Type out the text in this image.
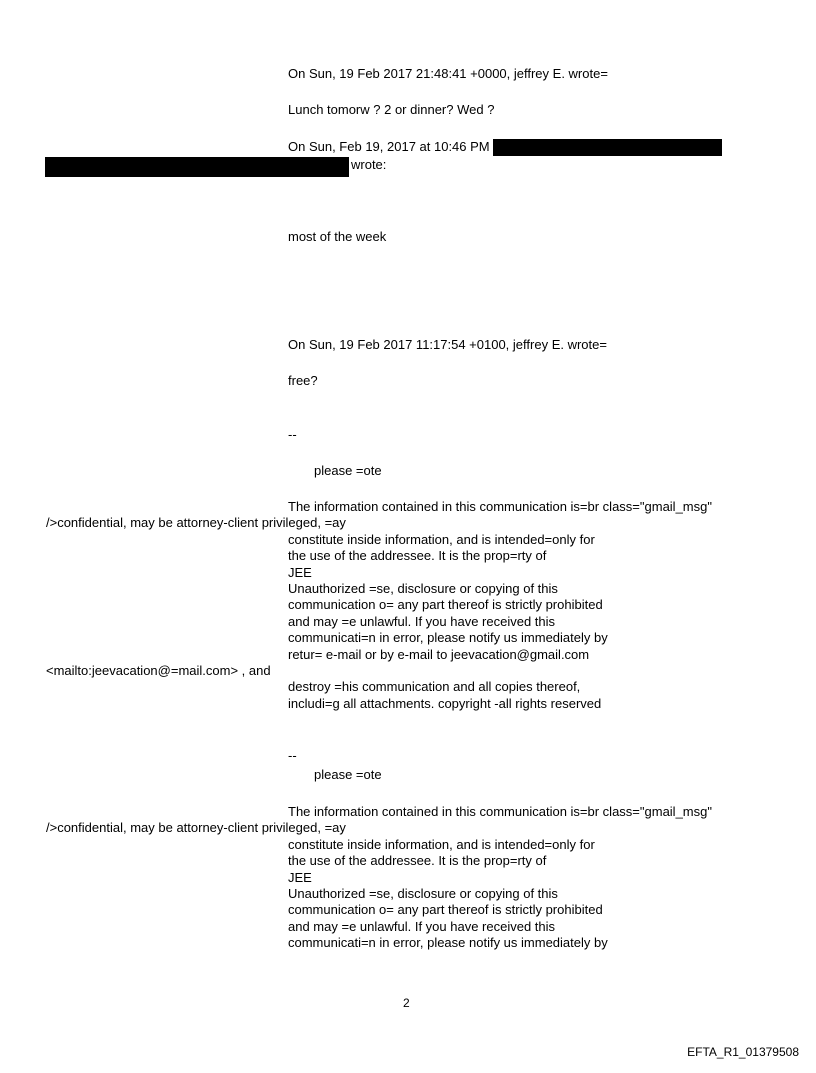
On Sun, 19 Feb 2017 21:48:41 +0000, jeffrey E. wrote=
Lunch tomorw ? 2 or dinner? Wed ?
On Sun, Feb 19, 2017 at 10:46 PM
wrote:
most of the week
On Sun, 19 Feb 2017 11:17:54 +0100, jeffrey E. wrote=
free?
--
please =ote
The information contained in this communication is=br class="gmail_msg"
/>confidential, may be attorney-client privileged, =ay
constitute inside information, and is intended=only for
the use of the addressee. It is the prop=rty of
JEE
Unauthorized =se, disclosure or copying of this
communication o= any part thereof is strictly prohibited
and may =e unlawful. If you have received this
communicati=n in error, please notify us immediately by
retur= e-mail or by e-mail to jeevacation@gmail.com
<mailto:jeevacation@=mail.com> , and
destroy =his communication and all copies thereof,
includi=g all attachments. copyright -all rights reserved
--
please =ote
The information contained in this communication is=br class="gmail_msg"
/>confidential, may be attorney-client privileged, =ay
constitute inside information, and is intended=only for
the use of the addressee. It is the prop=rty of
JEE
Unauthorized =se, disclosure or copying of this
communication o= any part thereof is strictly prohibited
and may =e unlawful. If you have received this
communicati=n in error, please notify us immediately by
2
EFTA_R1_01379508
